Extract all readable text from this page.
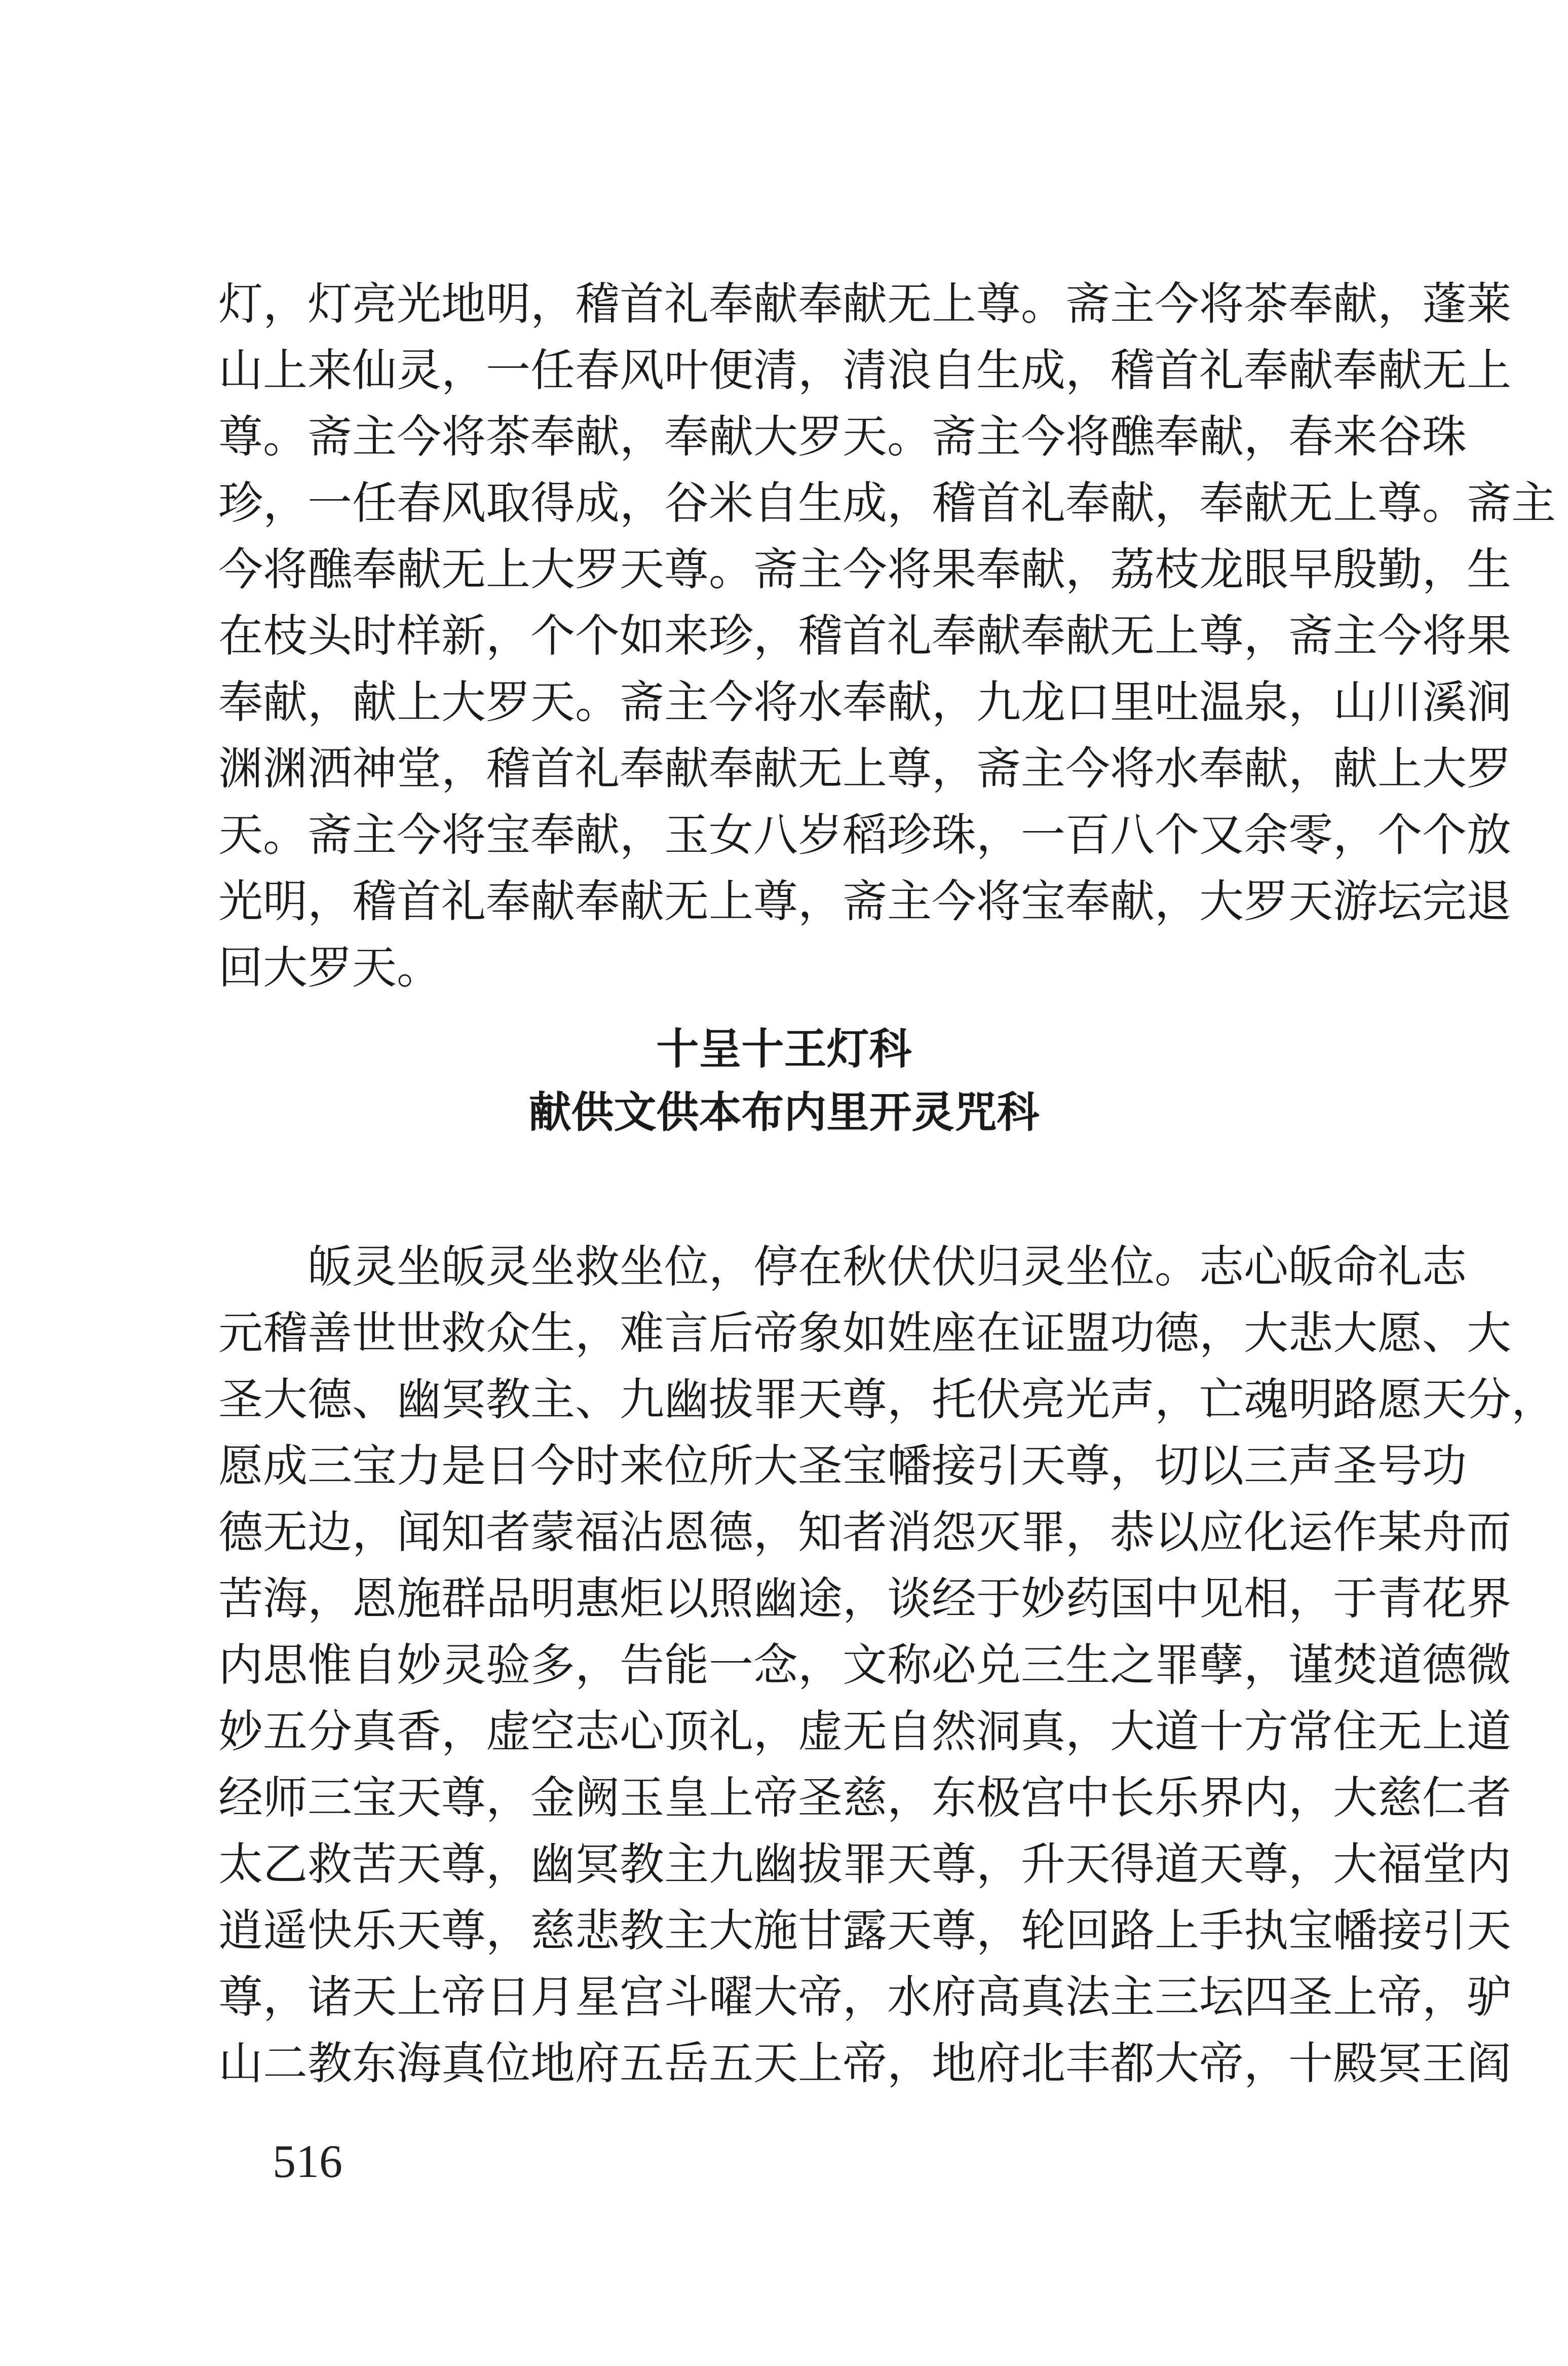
灯，灯亮光地明，稽首礼奉献奉献无上尊。斋主今将茶奉献，蓬莱
山上来仙灵，一任春风叶便清，清浪自生成，稽首礼奉献奉献无上
尊。斋主今将茶奉献，奉献大罗天。斋主今将醮奉献，春来谷珠
珍，一任春风取得成，谷米自生成，稽首礼奉献，奉献无上尊。斋主
今将醮奉献无上大罗天尊。斋主今将果奉献，荔枝龙眼早殷勤，生
在枝头时样新，个个如来珍，稽首礼奉献奉献无上尊，斋主今将果
奉献，献上大罗天。斋主今将水奉献，九龙口里吐温泉，山川溪涧
渊渊洒神堂，稽首礼奉献奉献无上尊，斋主今将水奉献，献上大罗
天。斋主今将宝奉献，玉女八岁稻珍珠，一百八个又余零，个个放
光明，稽首礼奉献奉献无上尊，斋主今将宝奉献，大罗天游坛完退
回大罗天。
十呈十王灯科
献供文供本布内里开灵咒科
皈灵坐皈灵坐救坐位，停在秋伏伏归灵坐位。志心皈命礼志
元稽善世世救众生，难言后帝象如姓座在证盟功德，大悲大愿、大
圣大德、幽冥教主、九幽拔罪天尊，托伏亮光声，亡魂明路愿天分，
愿成三宝力是日今时来位所大圣宝幡接引天尊，切以三声圣号功
德无边，闻知者蒙福沾恩德，知者消怨灭罪，恭以应化运作某舟而
苦海，恩施群品明惠炬以照幽途，谈经于妙药国中见相，于青花界
内思惟自妙灵验多，告能一念，文称必兑三生之罪孽，谨焚道德微
妙五分真香，虚空志心顶礼，虚无自然洞真，大道十方常住无上道
经师三宝天尊，金阙玉皇上帝圣慈，东极宫中长乐界内，大慈仁者
太乙救苦天尊，幽冥教主九幽拔罪天尊，升天得道天尊，大福堂内
逍遥快乐天尊，慈悲教主大施甘露天尊，轮回路上手执宝幡接引天
尊，诸天上帝日月星宫斗曜大帝，水府高真法主三坛四圣上帝，驴
山二教东海真位地府五岳五天上帝，地府北丰都大帝，十殿冥王阎
516
